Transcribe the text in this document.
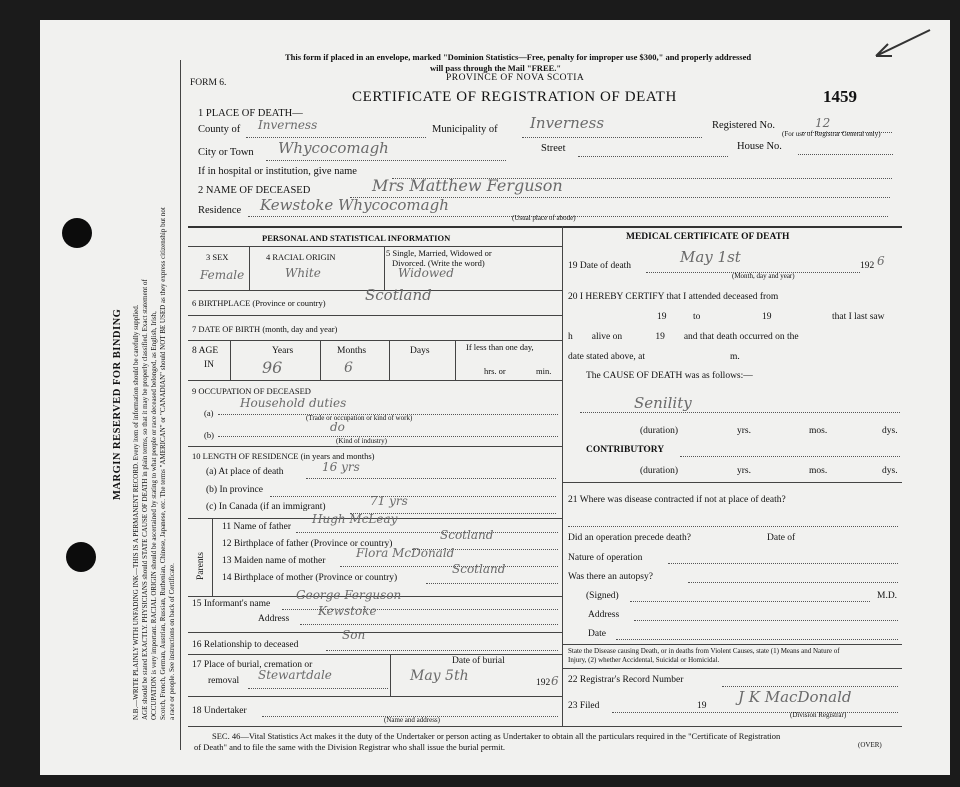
MARGIN RESERVED FOR BINDING N.B.—WRITE PLAINLY WITH UNFADING INK—THIS IS A PERMANENT RECORD. Every item of information should be carefully supplied. AGE should be stated EXACTLY. PHYSICIANS should STATE CAUSE OF DEATH in plain terms, so that it may be properly classified. Exact statement of OCCUPATION is very important. RACIAL ORIGIN should be ascertained by stating to what people or race deceased belonged, as English, Irish, Scotch, French, German, Austrian, Russian, Ruthenian, Chinese, Japanese, etc. The terms "AMERICAN" or "CANADIAN" should NOT BE USED as they express citizenship but not a race or people. See instructions on back of Certificate.
This form if placed in an envelope, marked "Dominion Statistics—Free, penalty for improper use $300," and properly addressed
will pass through the Mail "FREE."
PROVINCE OF NOVA SCOTIA
FORM 6.
CERTIFICATE OF REGISTRATION OF DEATH	1459
1 PLACE OF DEATH—
County of Inverness	Municipality of Inverness	Registered No.	12
(For use of Registrar General only)
City or Town Whycocomagh	Street	House No.
If in hospital or institution, give name
2 NAME OF DECEASED	Mrs Matthew Ferguson
Residence Kewstoke Whycocomagh
(Usual place of abode)
PERSONAL AND STATISTICAL INFORMATION
3 SEX	4 RACIAL ORIGIN	5 Single, Married, Widowed or
Divorced. (Write the word)
Female	White	Widowed
6 BIRTHPLACE (Province or country)	Scotland
7 DATE OF BIRTH (month, day and year)
8 AGE
IN
Years	Months	Days	If less than one day,
hrs. or	min.
96	6
9 OCCUPATION OF DECEASED
(a)
Household duties
(Trade or occupation or kind of work)
(b)
do
(Kind of industry)
10 LENGTH OF RESIDENCE (in years and months)
(a) At place of death	16 yrs
(b) In province
(c) In Canada (if an immigrant)	71 yrs
Parents
11 Name of father
Hugh McLeay
12 Birthplace of father (Province or country)
Scotland
13 Maiden name of mother
Flora McDonald
14 Birthplace of mother (Province or country)
Scotland
15 Informant's name
George Ferguson
Address
Kewstoke
16 Relationship to deceased
Son
17 Place of burial, cremation or
removal Stewartdale
Date of burial
May 5th	192 6
18 Undertaker
(Name and address)
MEDICAL CERTIFICATE OF DEATH
19 Date of death	May 1st	192 6
(Month, day and year)
20 I HEREBY CERTIFY that I attended deceased from
19	to	19	that I last saw
h        alive on              19        and that death occurred on the
date stated above, at	m.
The CAUSE OF DEATH was as follows:—
Senility
(duration)	yrs.	mos.	dys.
CONTRIBUTORY
(duration)	yrs.	mos.	dys.
21 Where was disease contracted if not at place of death?
Did an operation precede death?	Date of
Nature of operation
Was there an autopsy?
(Signed)	M.D.
Address
Date
State the Disease causing Death, or in deaths from Violent Causes, state (1) Means and Nature of
Injury, (2) whether Accidental, Suicidal or Homicidal.
22 Registrar's Record Number
23 Filed	19 J K MacDonald
(Division Registrar)
SEC. 46—Vital Statistics Act makes it the duty of the Undertaker or person acting as Undertaker to obtain all the particulars required in the "Certificate of Registration
of Death" and to file the same with the Division Registrar who shall issue the burial permit.	(OVER)
